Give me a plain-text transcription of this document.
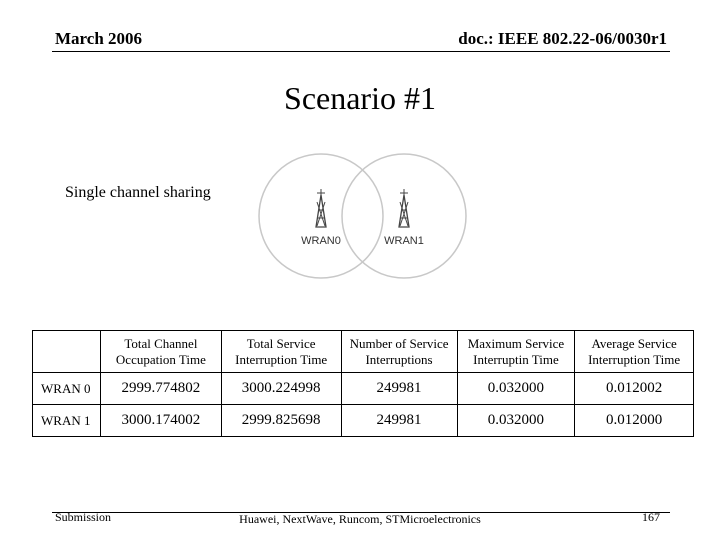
March 2006	doc.: IEEE 802.22-06/0030r1
Scenario #1
Single channel sharing
WRAN0	WRAN1
	Total Channel Occupation Time	Total Service Interruption Time	Number of Service Interruptions	Maximum Service Interruptin Time	Average Service Interruption Time
WRAN 0	2999.774802	3000.224998	249981	0.032000	0.012002
WRAN 1	3000.174002	2999.825698	249981	0.032000	0.012000
Submission	Huawei, NextWave, Runcom, STMicroelectronics	167
